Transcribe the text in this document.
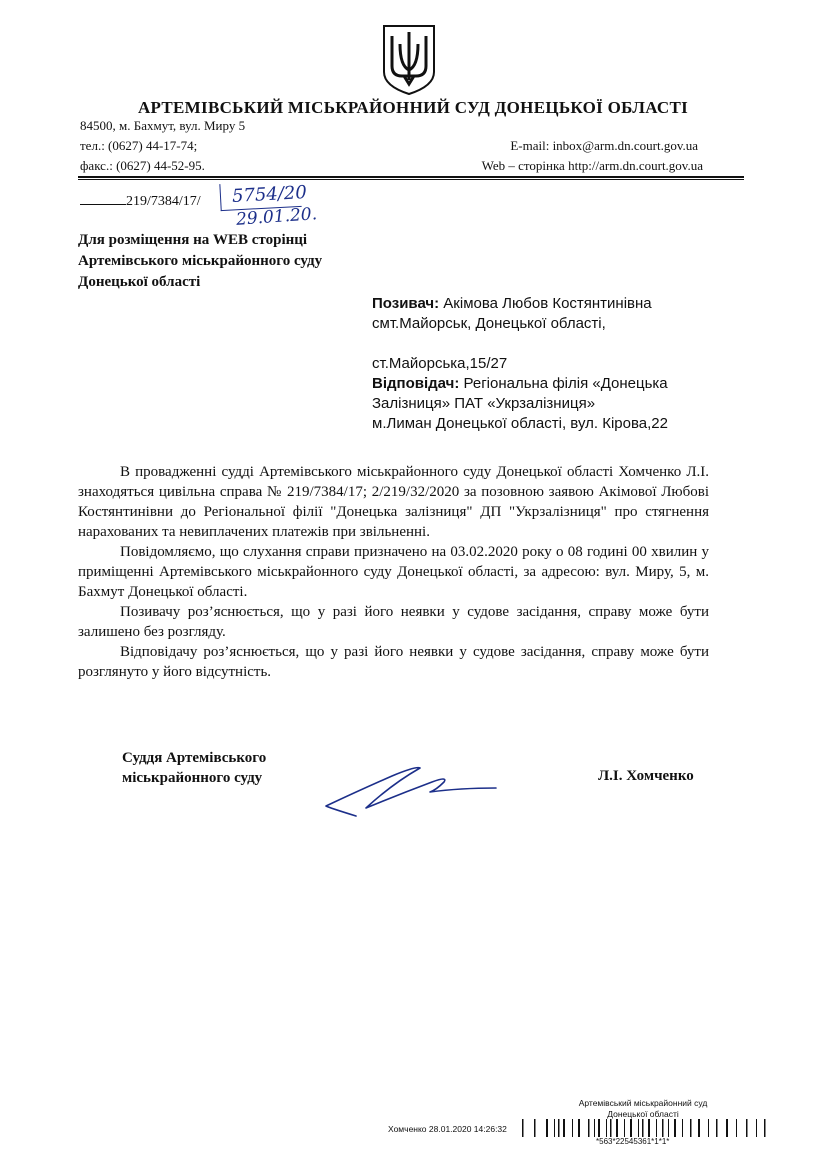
АРТЕМІВСЬКИЙ МІСЬКРАЙОННИЙ СУД ДОНЕЦЬКОЇ ОБЛАСТІ
84500, м. Бахмут, вул. Миру 5
тел.: (0627) 44-17-74;
факс.: (0627) 44-52-95.
E-mail: inbox@arm.dn.court.gov.ua
Web – сторінка http://arm.dn.court.gov.ua
219/7384/17/ 5754/20
29.01.20.
Для розміщення на WEB сторінці
Артемівського міськрайонного суду
Донецької області
Позивач: Акімова Любов Костянтинівна
смт.Майорськ, Донецької області,
ст.Майорська,15/27
Відповідач: Регіональна філія «Донецька
Залізниця» ПАТ «Укрзалізниця»
м.Лиман Донецької області, вул. Кірова,22

В провадженні судді Артемівського міськрайонного суду Донецької області Хомченко Л.І. знаходяться цивільна справа № 219/7384/17; 2/219/32/2020 за позовною заявою Акімової Любові Костянтинівни до Регіональної філії "Донецька залізниця" ДП "Укрзалізниця" про стягнення нарахованих та невиплачених платежів при звільненні.

Повідомляємо, що слухання справи призначено на 03.02.2020 року о 08 годині 00 хвилин у приміщенні Артемівського міськрайонного суду Донецької області, за адресою: вул. Миру, 5, м. Бахмут Донецької області.

Позивачу роз’яснюється, що у разі його неявки у судове засідання, справу може бути залишено без розгляду.

Відповідачу роз’яснюється, що у разі його неявки у судове засідання, справу може бути розглянуто у його відсутність.

Суддя Артемівського
міськрайонного суду	Л.І. Хомченко
Артемівський міськрайонний суд
Донецької області
Хомченко 28.01.2020 14:26:32
*563*22545361*1*1*
